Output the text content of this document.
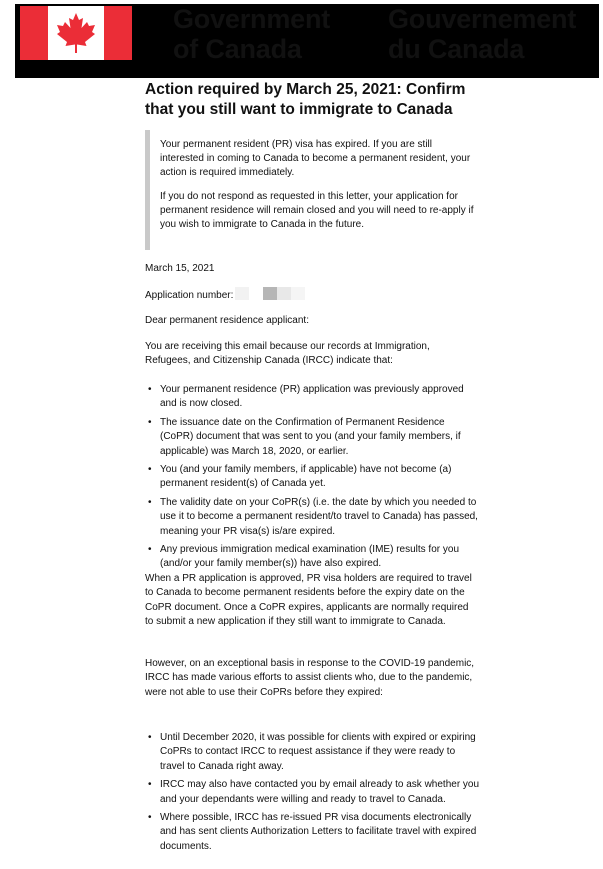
Government
of Canada
Gouvernement
du Canada
Action required by March 25, 2021: Confirm that you still want to immigrate to Canada

Your permanent resident (PR) visa has expired. If you are still interested in coming to Canada to become a permanent resident, your action is required immediately.

If you do not respond as requested in this letter, your application for permanent residence will remain closed and you will need to re-apply if you wish to immigrate to Canada in the future.

March 15, 2021

Application number:

Dear permanent residence applicant:

You are receiving this email because our records at Immigration, Refugees, and Citizenship Canada (IRCC) indicate that:

• Your permanent residence (PR) application was previously approved and is now closed.
• The issuance date on the Confirmation of Permanent Residence (CoPR) document that was sent to you (and your family members, if applicable) was March 18, 2020, or earlier.
• You (and your family members, if applicable) have not become (a) permanent resident(s) of Canada yet.
• The validity date on your CoPR(s) (i.e. the date by which you needed to use it to become a permanent resident/to travel to Canada) has passed, meaning your PR visa(s) is/are expired.
• Any previous immigration medical examination (IME) results for you (and/or your family member(s)) have also expired.

When a PR application is approved, PR visa holders are required to travel to Canada to become permanent residents before the expiry date on the CoPR document. Once a CoPR expires, applicants are normally required to submit a new application if they still want to immigrate to Canada.

However, on an exceptional basis in response to the COVID-19 pandemic, IRCC has made various efforts to assist clients who, due to the pandemic, were not able to use their CoPRs before they expired:

• Until December 2020, it was possible for clients with expired or expiring CoPRs to contact IRCC to request assistance if they were ready to travel to Canada right away.
• IRCC may also have contacted you by email already to ask whether you and your dependants were willing and ready to travel to Canada.
• Where possible, IRCC has re-issued PR visa documents electronically and has sent clients Authorization Letters to facilitate travel with expired documents.
